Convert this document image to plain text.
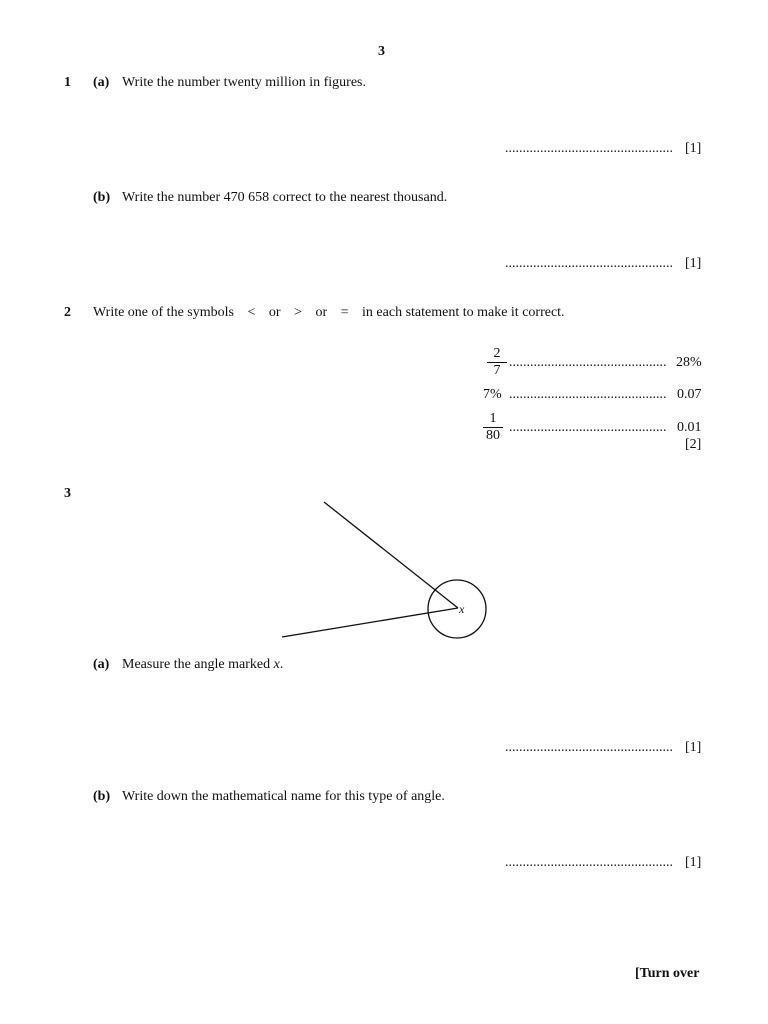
3
1 (a) Write the number twenty million in figures.
................................................ [1]
(b) Write the number 470 658 correct to the nearest thousand.
................................................ [1]
2 Write one of the symbols < or > or = in each statement to make it correct.
2
7
............................................. 28%
7% ............................................. 0.07
1
80
............................................. 0.01
[2]
3
x
(a) Measure the angle marked x.
................................................ [1]
(b) Write down the mathematical name for this type of angle.
................................................ [1]
[Turn over
